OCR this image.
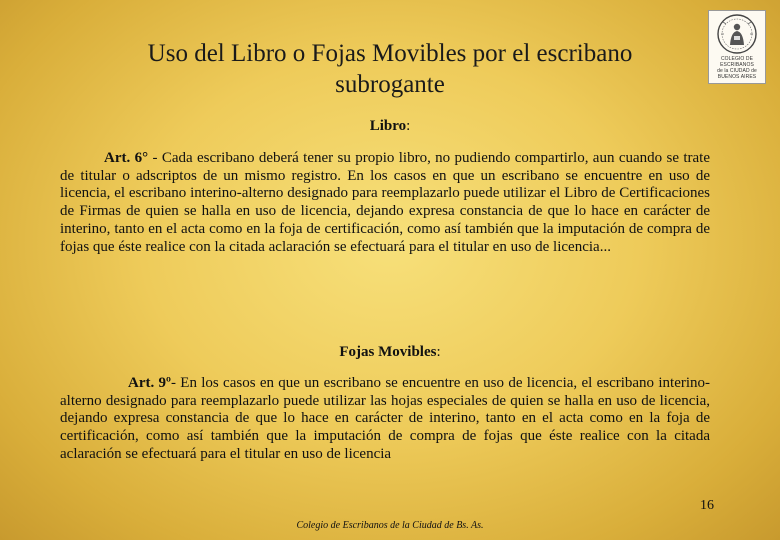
Uso del Libro o Fojas Movibles por el escribano
subrogante
COLEGIO DE
ESCRIBANOS
de la CIUDAD de
BUENOS AIRES
Libro:

Art. 6° - Cada escribano deberá tener su propio libro, no pudiendo compartirlo, aun cuando se trate de titular o adscriptos de un mismo registro. En los casos en que un escribano se encuentre en uso de licencia, el escribano interino-alterno designado para reemplazarlo puede utilizar el Libro de Certificaciones de Firmas de quien se halla en uso de licencia, dejando expresa constancia de que lo hace en carácter de interino, tanto en el acta como en la foja de certificación, como así también que la imputación de compra de fojas que éste realice con la citada aclaración se efectuará para el titular en uso de licencia...

Fojas Movibles:

Art. 9º- En los casos en que un escribano se encuentre en uso de licencia, el escribano interino-alterno designado para reemplazarlo puede utilizar las hojas especiales de quien se halla en uso de licencia, dejando expresa constancia de que lo hace en carácter de interino, tanto en el acta como en la foja de certificación, como así también que la imputación de compra de fojas que éste realice con la citada aclaración se efectuará para el titular en uso de licencia

16
Colegio de Escribanos de la Ciudad de Bs. As.
